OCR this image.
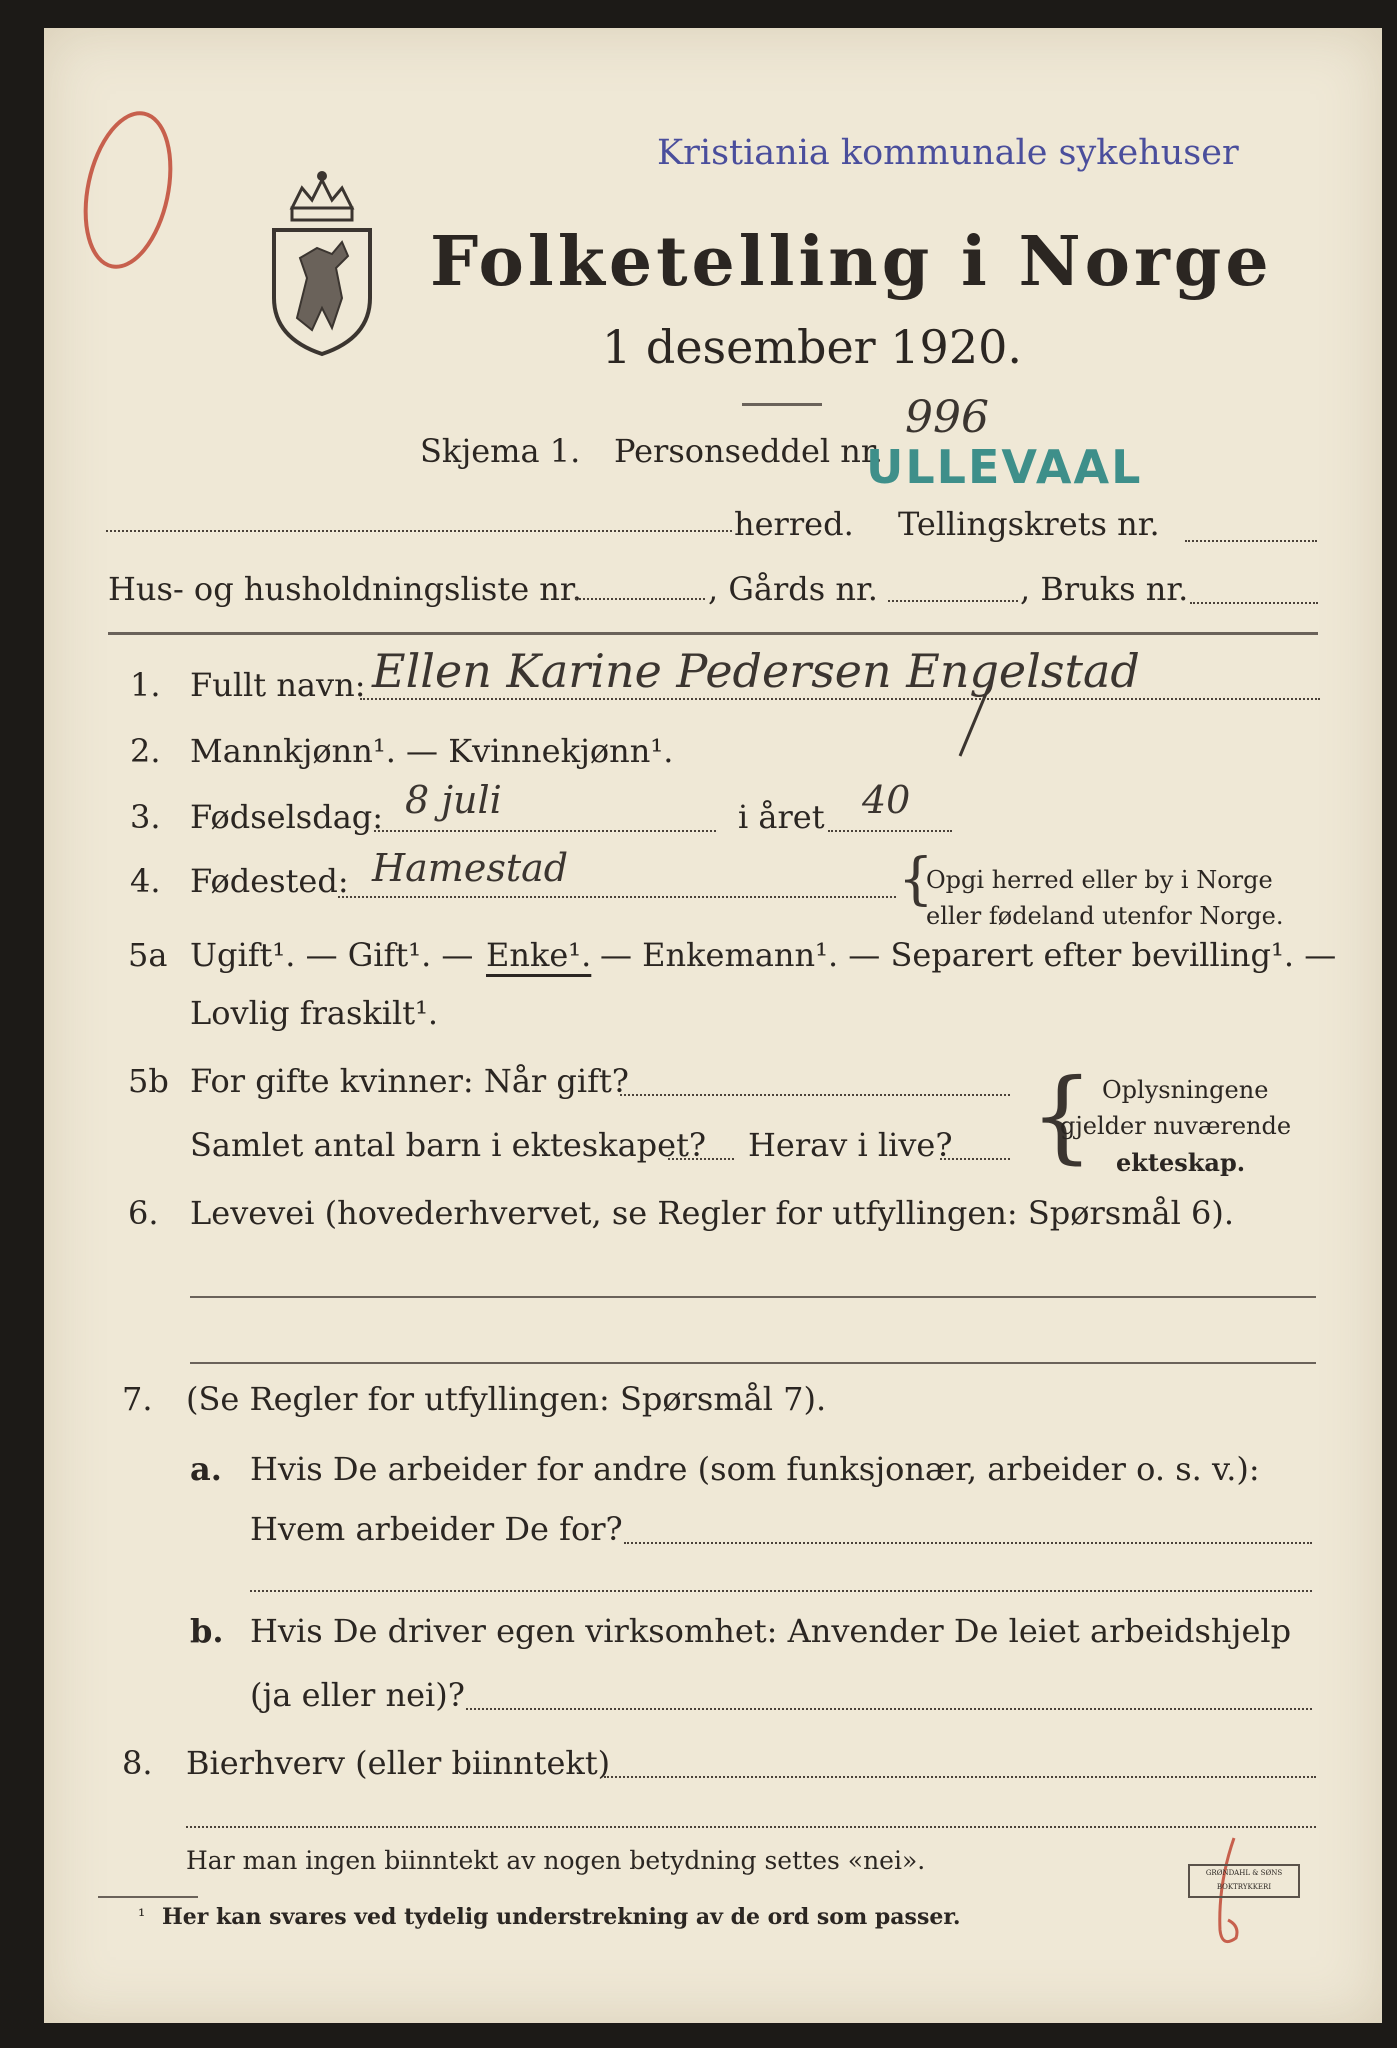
Kristiania kommunale sykehuser
Folketelling i Norge
1 desember 1920.
Skjema 1. Personseddel nr.
996
ULLEVAAL
herred. Tellingskrets nr.
Hus- og husholdningsliste nr.	, Gårds nr.	, Bruks nr.
1. Fullt navn: Ellen Karine Pedersen Engelstad
2. Mannkjønn¹. — Kvinnekjønn¹.
3. Fødselsdag: 8 juli	i året 40
4. Fødested: Hamestad	{
Opgi herred eller by i Norge
eller fødeland utenfor Norge.
5a Ugift¹. — Gift¹. — Enke¹. — Enkemann¹. — Separert efter bevilling¹. —
Lovlig fraskilt¹.
5b For gifte kvinner: Når gift?
Samlet antal barn i ekteskapet? Herav i live? { Oplysningene
gjelder nuværende
ekteskap.
6. Levevei (hovederhvervet, se Regler for utfyllingen: Spørsmål 6).
7. (Se Regler for utfyllingen: Spørsmål 7).
a. Hvis De arbeider for andre (som funksjonær, arbeider o. s. v.):
Hvem arbeider De for?
b. Hvis De driver egen virksomhet: Anvender De leiet arbeidshjelp
(ja eller nei)?
8. Bierhverv (eller biinntekt)
Har man ingen biinntekt av nogen betydning settes «nei».
¹ Her kan svares ved tydelig understrekning av de ord som passer.
GRØNDAHL & SØNS BOKTRYKKERI
